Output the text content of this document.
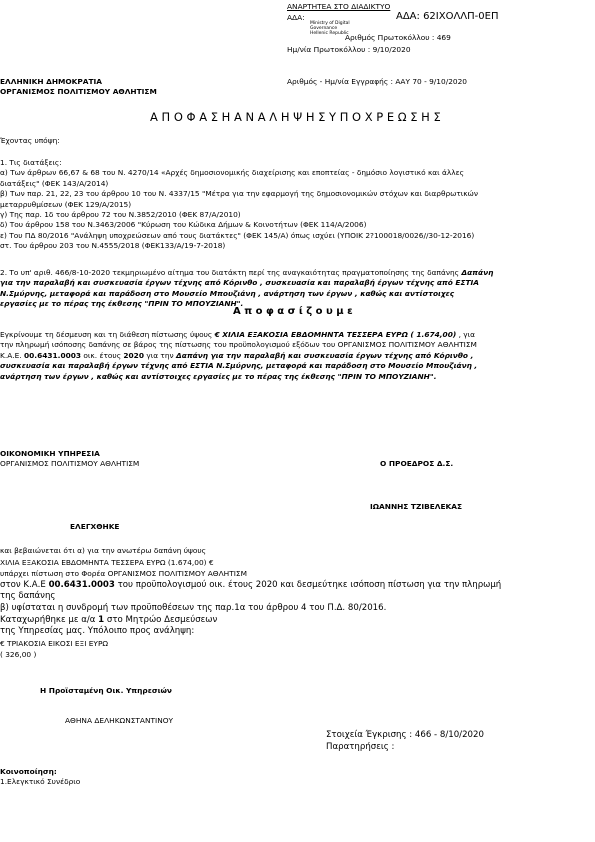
ΑΝΑΡΤΗΤΕΑ ΣΤΟ ΔΙΑΔΙΚΤΥΟ
ΑΔΑ:	ΑΔΑ: 62ΙΧΟΛΛΠ-0ΕΠ
Ministry of Digital
Governance
Hellenic Republic
Αριθμός Πρωτοκόλλου : 469
Ημ/νία Πρωτοκόλλου : 9/10/2020
ΕΛΛΗΝΙΚΗ ΔΗΜΟΚΡΑΤΙΑ
ΟΡΓΑΝΙΣΜΟΣ ΠΟΛΙΤΙΣΜΟΥ ΑΘΛΗΤΙΣΜ
Αριθμός - Ημ/νία Εγγραφής : ΑΑΥ 70 - 9/10/2020
Α Π Ο Φ Α Σ Η Α Ν Α Λ Η Ψ Η Σ Υ Π Ο Χ Ρ Ε Ω Σ Η Σ
Έχοντας υπόψη:
1. Τις διατάξεις:
α) Των άρθρων 66,67 & 68 του Ν. 4270/14 «Αρχές δημοσιονομικής διαχείρισης και εποπτείας - δημόσιο λογιστικό και άλλες
διατάξεις" (ΦΕΚ 143/Α/2014)
β) Των παρ. 21, 22, 23 του άρθρου 10 του Ν. 4337/15 "Μέτρα για την εφαρμογή της δημοσιονομικών στόχων και διαρθρωτικών
μεταρρυθμίσεων (ΦΕΚ 129/Α/2015)
γ) Της παρ. 1δ του άρθρου 72 του Ν.3852/2010 (ΦΕΚ 87/Α/2010)
δ) Του άρθρου 158 του Ν.3463/2006 "Κύρωση του Κώδικα Δήμων & Κοινοτήτων (ΦΕΚ 114/Α/2006)
ε) Του ΠΔ 80/2016 "Ανάληψη υποχρεώσεων από τους διατάκτες" (ΦΕΚ 145/Α) όπως ισχύει (ΥΠΟΙΚ 2?100018/0026//30-12-2016)
στ. Του άρθρου 203 του Ν.4555/2018 (ΦΕΚ133/Α/19-7-2018)
2. Το υπ' αριθ. 466/8-10-2020 τεκμηριωμένο αίτημα του διατάκτη περί της αναγκαιότητας πραγματοποίησης της δαπάνης Δαπάνη
για την παραλαβή και συσκευασία έργων τέχνης από Κόρινθο , συσκευασία και παραλαβή έργων τέχνης από ΕΣΤΙΑ
Ν.Σμύρνης, μεταφορά και παράδοση στο Μουσείο Μπουζιάνη , ανάρτηση των έργων , καθώς και αντίστοιχες
εργασίες με το πέρας της έκθεσης "ΠΡΙΝ ΤΟ ΜΠΟΥΖΙΑΝΗ".
Α π ο φ α σ ί ζ ο υ μ ε
Εγκρίνουμε τη δέσμευση και τη διάθεση πίστωσης ύψους € ΧΙΛΙΑ ΕΞΑΚΟΣΙΑ ΕΒΔΟΜΗΝΤΑ ΤΕΣΣΕΡΑ ΕΥΡΩ ( 1.674,00) , για
την πληρωμή ισόποσης δαπάνης σε βάρος της πίστωσης του προϋπολογισμού εξόδων του ΟΡΓΑΝΙΣΜΟΣ ΠΟΛΙΤΙΣΜΟΥ ΑΘΛΗΤΙΣΜ
Κ.Α.Ε. 00.6431.0003 οικ. έτους 2020 για την Δαπάνη για την παραλαβή και συσκευασία έργων τέχνης από Κόρινθο ,
συσκευασία και παραλαβή έργων τέχνης από ΕΣΤΙΑ Ν.Σμύρνης, μεταφορά και παράδοση στο Μουσείο Μπουζιάνη ,
ανάρτηση των έργων , καθώς και αντίστοιχες εργασίες με το πέρας της έκθεσης "ΠΡΙΝ ΤΟ ΜΠΟΥΖΙΑΝΗ".
ΟΙΚΟΝΟΜΙΚΗ ΥΠΗΡΕΣΙΑ
ΟΡΓΑΝΙΣΜΟΣ ΠΟΛΙΤΙΣΜΟΥ ΑΘΛΗΤΙΣΜ	Ο ΠΡΟΕΔΡΟΣ Δ.Σ.
ΙΩΑΝΝΗΣ ΤΖΙΒΕΛΕΚΑΣ
ΕΛΕΓΧΘΗΚΕ
και βεβαιώνεται ότι α) για την ανωτέρω δαπάνη ύψους
ΧΙΛΙΑ ΕΞΑΚΟΣΙΑ ΕΒΔΟΜΗΝΤΑ ΤΕΣΣΕΡΑ ΕΥΡΩ (1.674,00) €
υπάρχει πίστωση στο Φορέα ΟΡΓΑΝΙΣΜΟΣ ΠΟΛΙΤΙΣΜΟΥ ΑΘΛΗΤΙΣΜ
στον Κ.Α.Ε 00.6431.0003 του προϋπολογισμού οικ. έτους 2020 και δεσμεύτηκε ισόποση πίστωση για την πληρωμή
της δαπάνης
β) υφίσταται η συνδρομή των προϋποθέσεων της παρ.1α του άρθρου 4 του Π.Δ. 80/2016.
Καταχωρήθηκε με α/α 1 στο Μητρώο Δεσμεύσεων
της Υπηρεσίας μας. Υπόλοιπο προς ανάληψη:
€ ΤΡΙΑΚΟΣΙΑ ΕΙΚΟΣΙ ΕΞΙ ΕΥΡΩ
( 326,00 )
Η Προϊσταμένη Οικ. Υπηρεσιών
ΑΘΗΝΑ ΔΕΛΗΚΩΝΣΤΑΝΤΙΝΟΥ
Στοιχεία Έγκρισης : 466 - 8/10/2020
Παρατηρήσεις :
Κοινοποίηση:
1.Ελεγκτικό Συνέδριο
